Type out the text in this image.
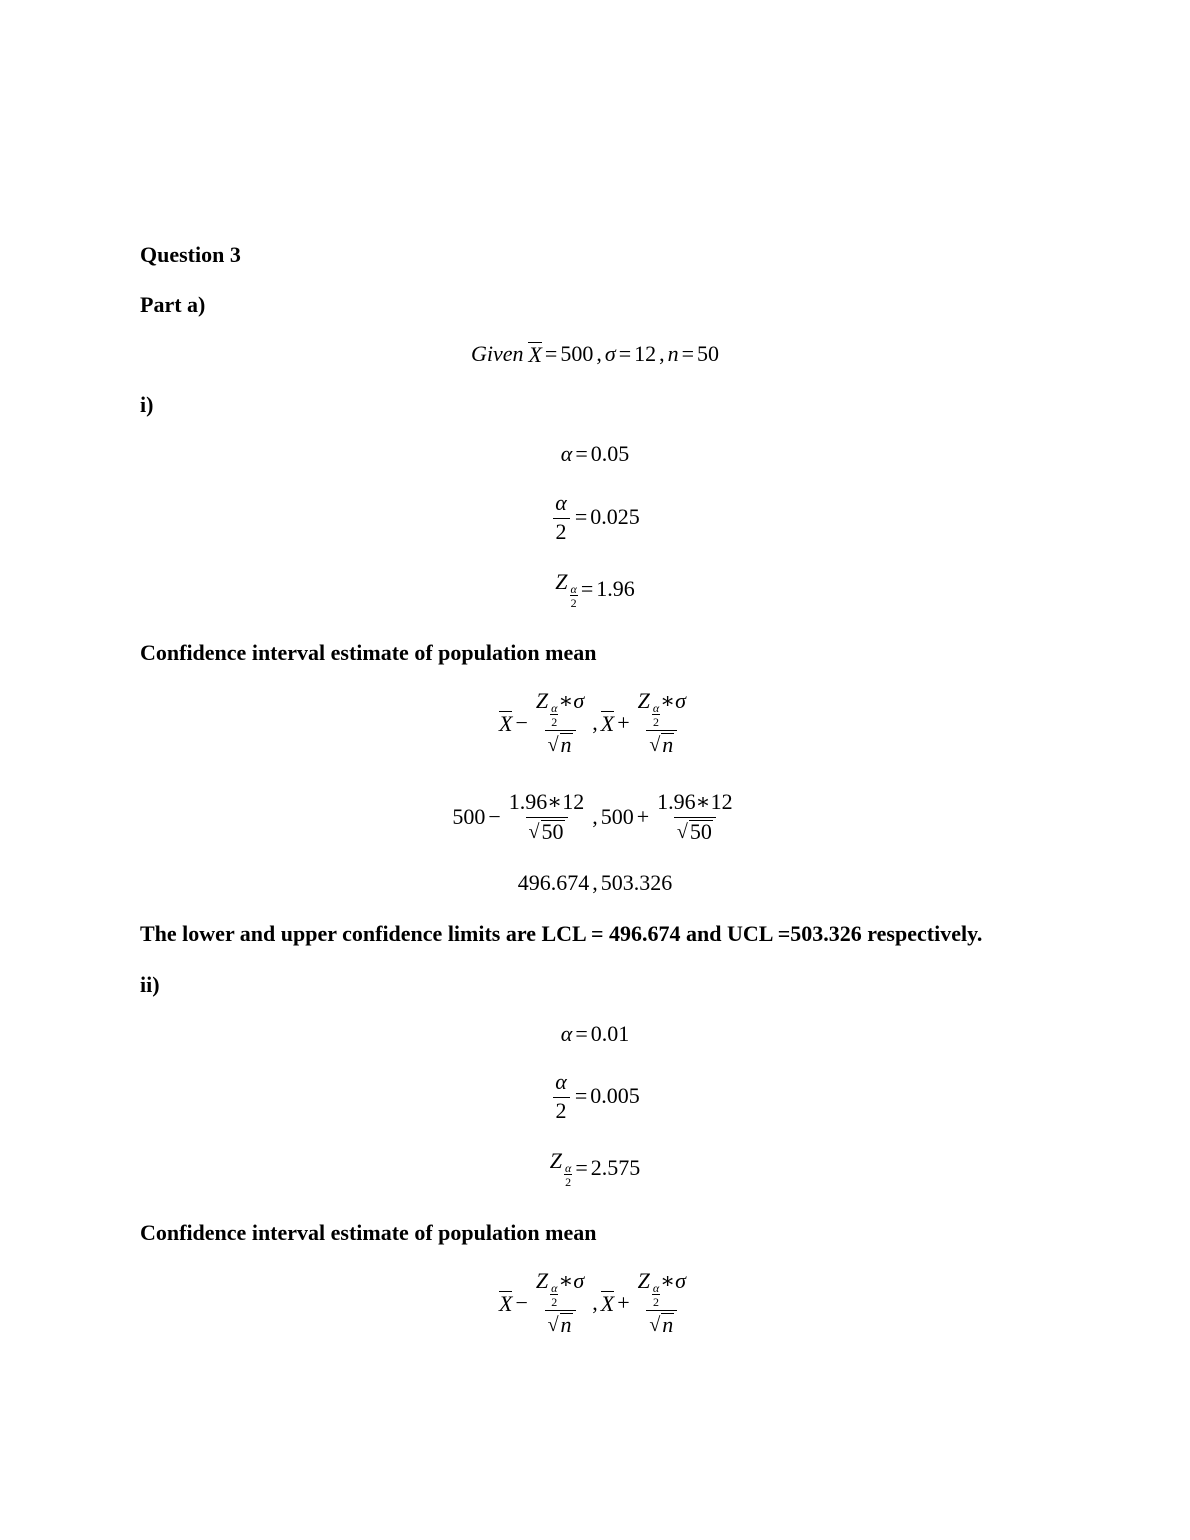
Question 3
Part a)
Given X = 500 , σ = 12 , n = 50
i)
α = 0.05
$\frac{\alpha}{2} = 0.025$
Z α
2
= 1.96
Confidence interval estimate of population mean
X − Z α
2
∗σ
√ n , X + Z α
2
∗σ
√ n
$500 - \frac{1.96∗12}{√ 50}$ , $500 + \frac{1.96∗12}{√ 50}$
496.674 , 503.326

The lower and upper confidence limits are LCL = 496.674 and UCL =503.326 respectively.

ii)
α = 0.01
$\frac{\alpha}{2} = 0.005$
Z α
2
= 2.575
Confidence interval estimate of population mean
X − Z α
2
∗σ
√ n , X + Z α
2
∗σ
√ n
